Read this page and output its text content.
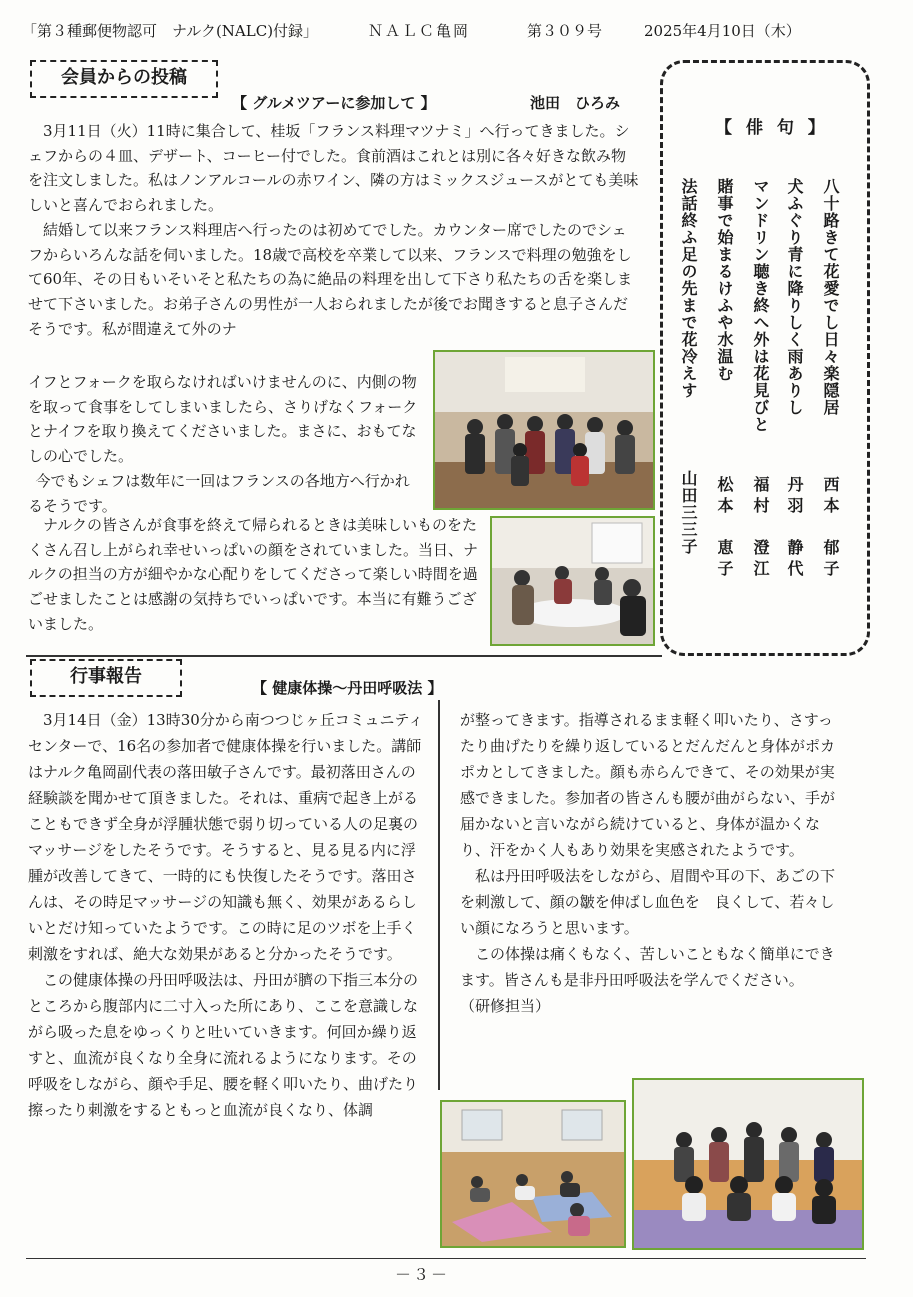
「第３種郵便物認可　ナルク(NALC)付録」	ＮＡＬＣ亀岡	第３０９号	2025年4月10日（木）
会員からの投稿
【 グルメツアーに参加して 】	池田　ひろみ

3月11日（火）11時に集合して、桂坂「フランス料理マツナミ」へ行ってきました。シェフからの４皿、デザート、コーヒー付でした。食前酒はこれとは別に各々好きな飲み物を注文しました。私はノンアルコールの赤ワイン、隣の方はミックスジュースがとても美味しいと喜んでおられました。

結婚して以来フランス料理店へ行ったのは初めてでした。カウンター席でしたのでシェフからいろんな話を伺いました。18歳で高校を卒業して以来、フランスで料理の勉強をして60年、その日もいそいそと私たちの為に絶品の料理を出して下さり私たちの舌を楽しませて下さいました。お弟子さんの男性が一人おられましたが後でお聞きすると息子さんだそうです。私が間違えて外のナ

イフとフォークを取らなければいけませんのに、内側の物を取って食事をしてしまいましたら、さりげなくフォークとナイフを取り換えてくださいました。まさに、おもてなしの心でした。

今でもシェフは数年に一回はフランスの各地方へ行かれるそうです。

ナルクの皆さんが食事を終えて帰られるときは美味しいものをたくさん召し上がられ幸せいっぱいの顔をされていました。当日、ナルクの担当の方が細やかな心配りをしてくださって楽しい時間を過ごせましたことは感謝の気持ちでいっぱいです。本当に有難うございました。

【 俳 句 】
八十路きて花愛でし日々楽隠居
犬ふぐり青に降りしく雨ありし
マンドリン聴き終へ外は花見びと
賭事で始まるけふや水温む
法話終ふ足の先まで花冷えす
西本　郁子
丹羽　静代
福村　澄江
松本　恵子
山田三三子
行事報告
【 健康体操～丹田呼吸法 】

3月14日（金）13時30分から南つつじヶ丘コミュニティセンターで、16名の参加者で健康体操を行いました。講師はナルク亀岡副代表の落田敏子さんです。最初落田さんの経験談を聞かせて頂きました。それは、重病で起き上がることもできず全身が浮腫状態で弱り切っている人の足裏のマッサージをしたそうです。そうすると、見る見る内に浮腫が改善してきて、一時的にも快復したそうです。落田さんは、その時足マッサージの知識も無く、効果があるらしいとだけ知っていたようです。この時に足のツボを上手く刺激をすれば、絶大な効果があると分かったそうです。

この健康体操の丹田呼吸法は、丹田が臍の下指三本分のところから腹部内に二寸入った所にあり、ここを意識しながら吸った息をゆっくりと吐いていきます。何回か繰り返すと、血流が良くなり全身に流れるようになります。その呼吸をしながら、顔や手足、腰を軽く叩いたり、曲げたり擦ったり刺激をするともっと血流が良くなり、体調

が整ってきます。指導されるまま軽く叩いたり、さすったり曲げたりを繰り返しているとだんだんと身体がポカポカとしてきました。顔も赤らんできて、その効果が実感できました。参加者の皆さんも腰が曲がらない、手が届かないと言いながら続けていると、身体が温かくなり、汗をかく人もあり効果を実感されたようです。

私は丹田呼吸法をしながら、眉間や耳の下、あごの下を刺激して、顔の皺を伸ばし血色を　良くして、若々しい顔になろうと思います。

この体操は痛くもなく、苦しいこともなく簡単にできます。皆さんも是非丹田呼吸法を学んでください。　　　（研修担当）

－３－
